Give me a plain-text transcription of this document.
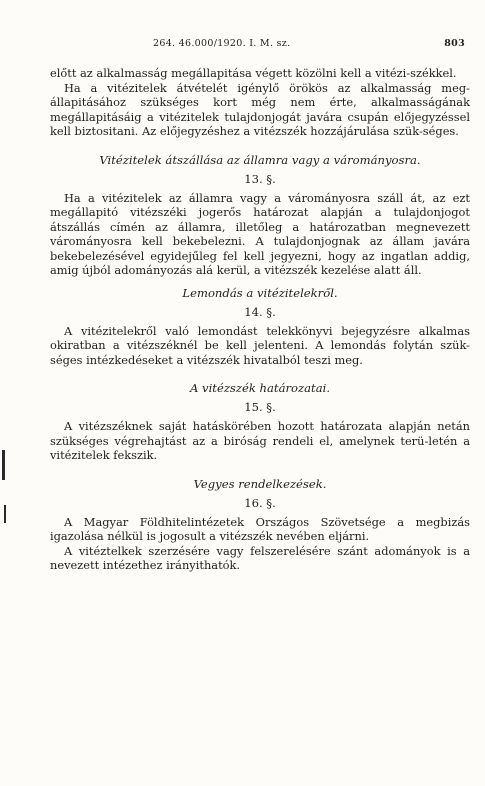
264. 46.000/1920. I. M. sz.	803

előtt az alkalmasság megállapitása végett közölni kell a vitézi-székkel.

Ha a vitézitelek átvételét igénylő örökös az alkalmasság meg-állapitásához szükséges kort még nem érte, alkalmasságának megállapitásáig a vitézitelek tulajdonjogát javára csupán előjegyzéssel kell biztositani. Az előjegyzéshez a vitézszék hozzájárulása szük-séges.

Vitézitelek átszállása az államra vagy a várományosra.

13. §.

Ha a vitézitelek az államra vagy a várományosra száll át, az ezt megállapitó vitézszéki jogerős határozat alapján a tulajdonjogot átszállás címén az államra, illetőleg a határozatban megnevezett várományosra kell bekebelezni. A tulajdonjognak az állam javára bekebelezésével egyidejűleg fel kell jegyezni, hogy az ingatlan addig, amig újból adományozás alá kerül, a vitézszék kezelése alatt áll.

Lemondás a vitézitelekről.

14. §.

A vitézitelekről való lemondást telekkönyvi bejegyzésre alkalmas okiratban a vitézszéknél be kell jelenteni. A lemondás folytán szük-séges intézkedéseket a vitézszék hivatalból teszi meg.

A vitézszék határozatai.

15. §.

A vitézszéknek saját hatáskörében hozott határozata alapján netán szükséges végrehajtást az a biróság rendeli el, amelynek terü-letén a vitézitelek fekszik.

Vegyes rendelkezések.

16. §.

A Magyar Földhitelintézetek Országos Szövetsége a megbizás igazolása nélkül is jogosult a vitézszék nevében eljárni.

A vitéztelkek szerzésére vagy felszerelésére szánt adományok is a nevezett intézethez irányithatók.
